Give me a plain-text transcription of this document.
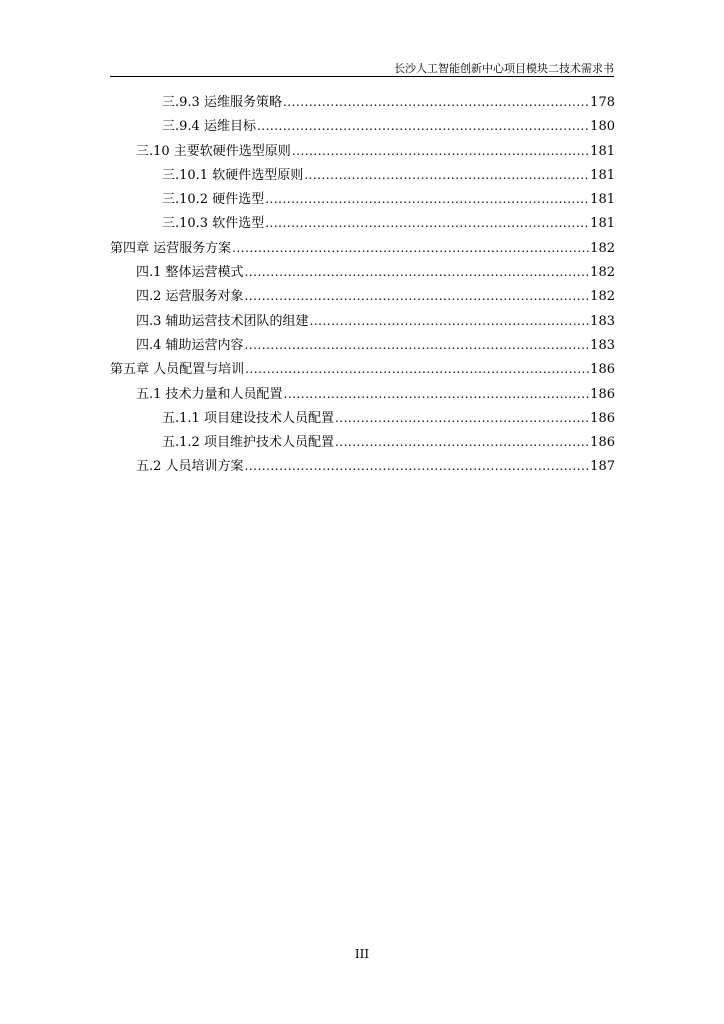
长沙人工智能创新中心项目模块二技术需求书
三.9.3 运维服务策略 .....	178
三.9.4 运维目标 .....	180
三.10 主要软硬件选型原则 .....	181
三.10.1 软硬件选型原则 .....	181
三.10.2 硬件选型 .....	181
三.10.3 软件选型 .....	181
第四章 运营服务方案 .....	182
四.1 整体运营模式 .....	182
四.2 运营服务对象 .....	182
四.3 辅助运营技术团队的组建 .....	183
四.4 辅助运营内容 .....	183
第五章 人员配置与培训 .....	186
五.1 技术力量和人员配置 .....	186
五.1.1 项目建设技术人员配置 .....	186
五.1.2 项目维护技术人员配置 .....	186
五.2 人员培训方案 .....	187
III
